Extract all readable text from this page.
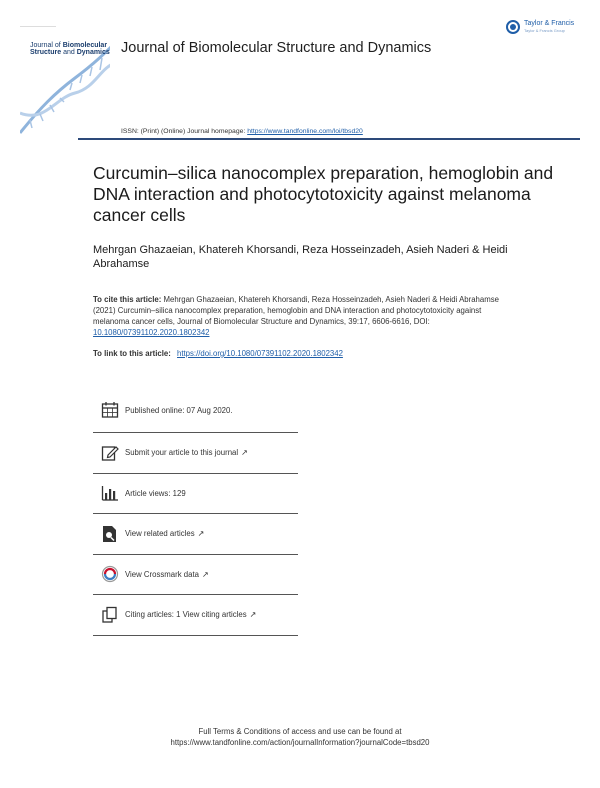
Taylor & Francis
Taylor & Francis Group
Journal of Biomolecular
Structure and Dynamics Journal of Biomolecular Structure and Dynamics
ISSN: (Print) (Online) Journal homepage: https://www.tandfonline.com/loi/tbsd20
Curcumin–silica nanocomplex preparation, hemoglobin and DNA interaction and photocytotoxicity against melanoma cancer cells
Mehrgan Ghazaeian, Khatereh Khorsandi, Reza Hosseinzadeh, Asieh Naderi & Heidi Abrahamse
To cite this article: Mehrgan Ghazaeian, Khatereh Khorsandi, Reza Hosseinzadeh, Asieh Naderi & Heidi Abrahamse (2021) Curcumin–silica nanocomplex preparation, hemoglobin and DNA interaction and photocytotoxicity against melanoma cancer cells, Journal of Biomolecular Structure and Dynamics, 39:17, 6606-6616, DOI: 10.1080/07391102.2020.1802342
To link to this article: https://doi.org/10.1080/07391102.2020.1802342
Published online: 07 Aug 2020.
Submit your article to this journal ↗
Article views: 129
View related articles ↗
View Crossmark data ↗
Citing articles: 1 View citing articles ↗
Full Terms & Conditions of access and use can be found at
https://www.tandfonline.com/action/journalInformation?journalCode=tbsd20
